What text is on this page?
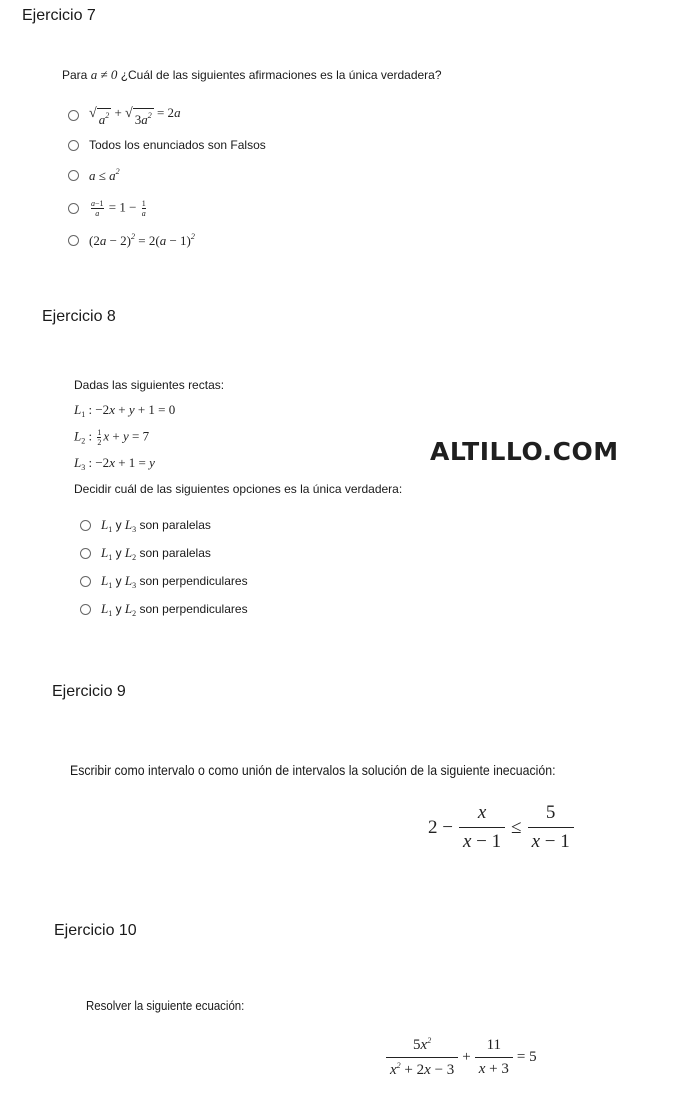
Ejercicio 7
Para a ≠ 0 ¿Cuál de las siguientes afirmaciones es la única verdadera?
√ $a^2$ + √ $3a^2 = 2a$
Todos los enunciados son Falsos
$a \le a^2$
$\frac{a-1}{a} = 1 - \frac{1}{a}$
$(2a - 2)^2 = 2(a - 1)^2$
Ejercicio 8
Dadas las siguientes rectas:
$L_1$ : −2x + y + 1 = 0
$L_2$ : $\frac{1}{2}$ x + y = 7
$L_3$ : −2x + 1 = y	ALTILLO.COM
Decidir cuál de las siguientes opciones es la única verdadera:
$L_1$ y $L_3$ son paralelas
$L_1$ y $L_2$ son paralelas
$L_1$ y $L_3$ son perpendiculares
$L_1$ y $L_2$ son perpendiculares
Ejercicio 9
Escribir como intervalo o como unión de intervalos la solución de la siguiente inecuación:
$2 - \frac{x}{x - 1} \le \frac{5}{x - 1}$
Ejercicio 10
Resolver la siguiente ecuación:
$\frac{5x^2}{x^2 + 2x - 3} + \frac{11}{x + 3} = 5$
